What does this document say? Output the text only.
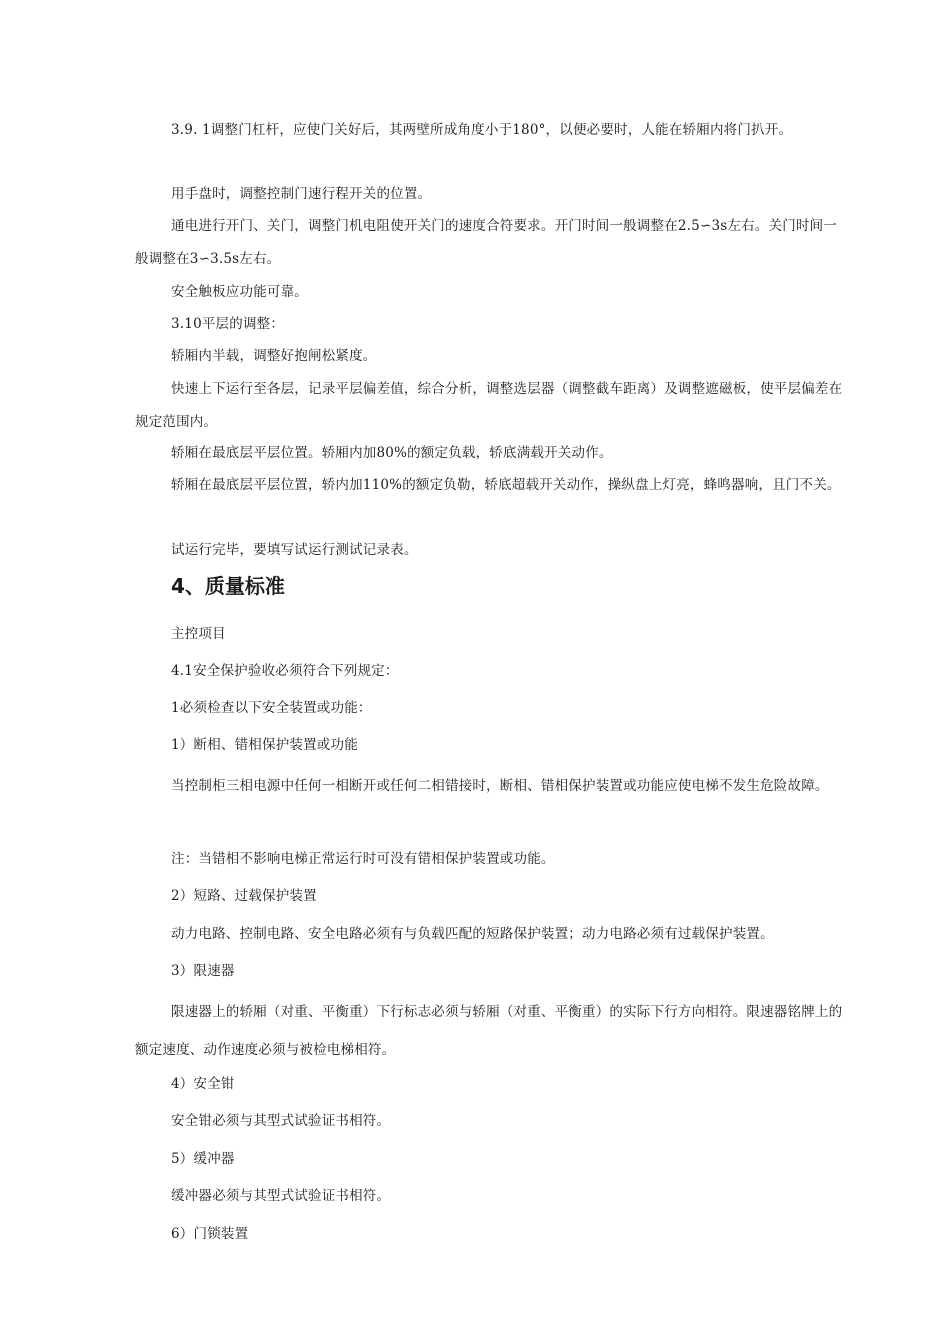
3.9. 1调整门杠杆，应使门关好后，其两壁所成角度小于180°，以便必要时，人能在轿厢内将门扒开。

用手盘时，调整控制门速行程开关的位置。

通电进行开门、关门，调整门机电阻使开关门的速度合符要求。开门时间一般调整在2.5∽3s左右。关门时间一般调整在3∽3.5s左右。

安全触板应功能可靠。

3.10平层的调整：

轿厢内半载，调整好抱闸松紧度。

快速上下运行至各层，记录平层偏差值，综合分析，调整选层器（调整截车距离）及调整遮磁板，使平层偏差在规定范围内。

轿厢在最底层平层位置。轿厢内加80%的额定负载，轿底满载开关动作。

轿厢在最底层平层位置，轿内加110%的额定负勒，轿底超载开关动作，操纵盘上灯亮，蜂鸣器响，且门不关。

试运行完毕，要填写试运行测试记录表。

4、质量标准

主控项目

4.1安全保护验收必须符合下列规定：

1必须检查以下安全装置或功能：

1）断相、错相保护装置或功能

当控制柜三相电源中任何一相断开或任何二相错接时，断相、错相保护装置或功能应使电梯不发生危险故障。

注：当错相不影响电梯正常运行时可没有错相保护装置或功能。

2）短路、过载保护装置

动力电路、控制电路、安全电路必须有与负载匹配的短路保护装置；动力电路必须有过载保护装置。

3）限速器

限速器上的轿厢（对重、平衡重）下行标志必须与轿厢（对重、平衡重）的实际下行方向相符。限速器铭牌上的额定速度、动作速度必须与被检电梯相符。

4）安全钳

安全钳必须与其型式试验证书相符。

5）缓冲器

缓冲器必须与其型式试验证书相符。

6）门锁装置
